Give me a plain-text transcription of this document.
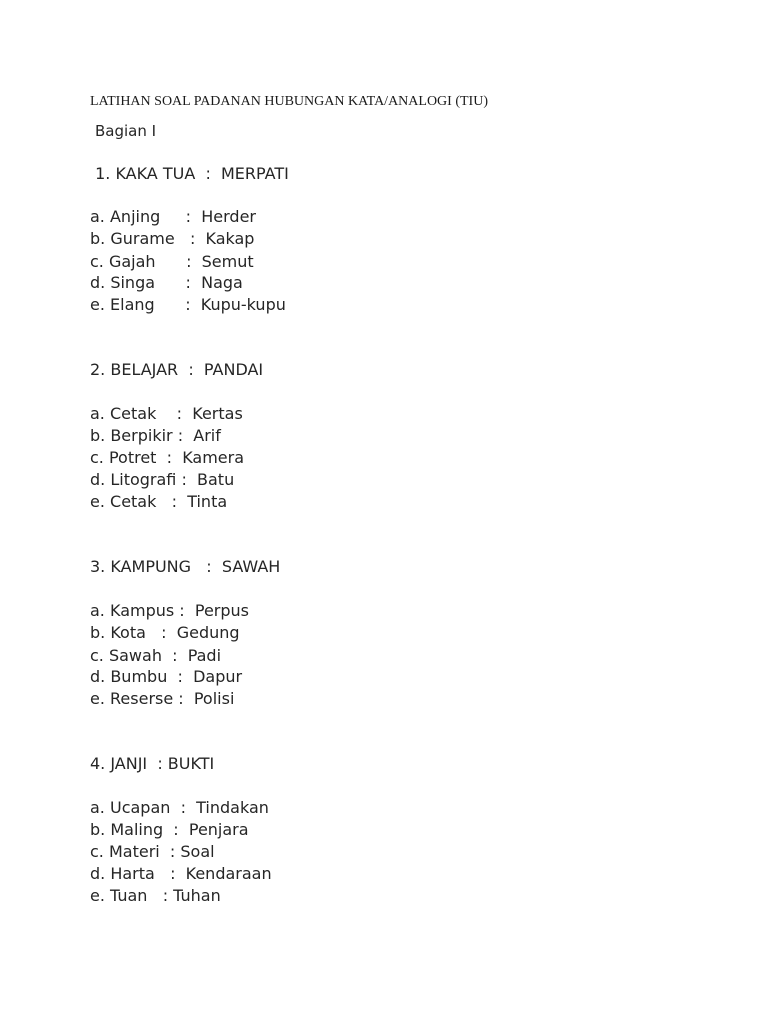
LATIHAN SOAL PADANAN HUBUNGAN KATA/ANALOGI (TIU)
Bagian I
1. KAKA TUA  :  MERPATI
a. Anjing     :  Herder
b. Gurame   :  Kakap
c. Gajah      :  Semut
d. Singa      :  Naga
e. Elang      :  Kupu-kupu
2. BELAJAR  :  PANDAI
a. Cetak    :  Kertas
b. Berpikir :  Arif
c. Potret  :  Kamera
d. Litografi :  Batu
e. Cetak   :  Tinta
3. KAMPUNG   :  SAWAH
a. Kampus :  Perpus
b. Kota   :  Gedung
c. Sawah  :  Padi
d. Bumbu  :  Dapur
e. Reserse :  Polisi
4. JANJI  : BUKTI
a. Ucapan  :  Tindakan
b. Maling  :  Penjara
c. Materi  : Soal
d. Harta   :  Kendaraan
e. Tuan   : Tuhan
